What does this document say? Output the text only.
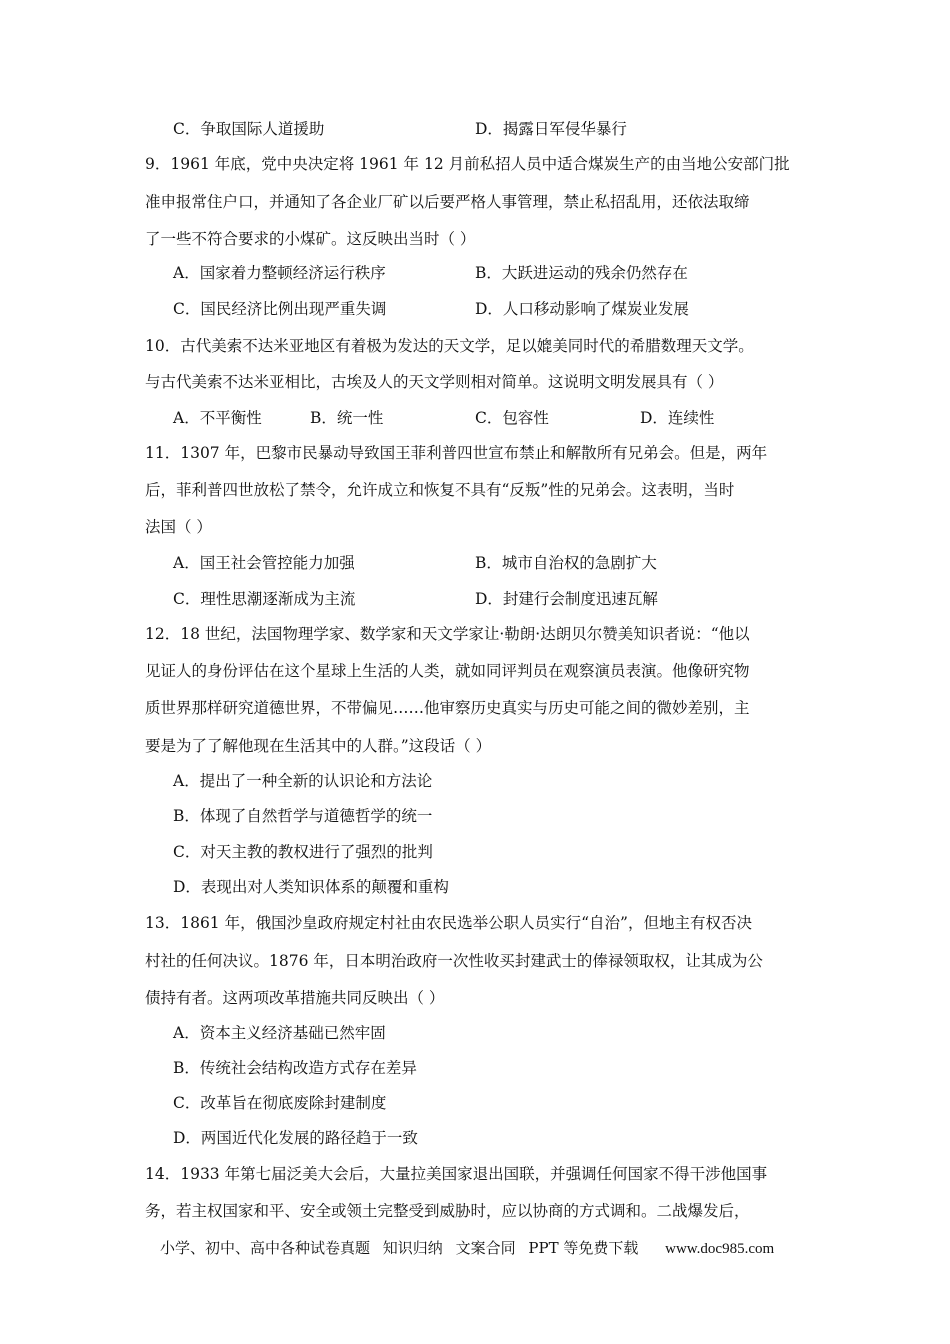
C．争取国际人道援助	D．揭露日军侵华暴行
9．1961 年底，党中央决定将 1961 年 12 月前私招人员中适合煤炭生产的由当地公安部门批
准申报常住户口，并通知了各企业厂矿以后要严格人事管理，禁止私招乱用，还依法取缔
了一些不符合要求的小煤矿。这反映出当时（ ）
A．国家着力整顿经济运行秩序	B．大跃进运动的残余仍然存在
C．国民经济比例出现严重失调	D．人口移动影响了煤炭业发展
10．古代美索不达米亚地区有着极为发达的天文学，足以媲美同时代的希腊数理天文学。
与古代美索不达米亚相比，古埃及人的天文学则相对简单。这说明文明发展具有（ ）
A．不平衡性	B．统一性	C．包容性	D．连续性
11．1307 年，巴黎市民暴动导致国王菲利普四世宣布禁止和解散所有兄弟会。但是，两年
后，菲利普四世放松了禁令，允许成立和恢复不具有“反叛”性的兄弟会。这表明，当时
法国（ ）
A．国王社会管控能力加强	B．城市自治权的急剧扩大
C．理性思潮逐渐成为主流	D．封建行会制度迅速瓦解
12．18 世纪，法国物理学家、数学家和天文学家让·勒朗·达朗贝尔赞美知识者说：“他以
见证人的身份评估在这个星球上生活的人类，就如同评判员在观察演员表演。他像研究物
质世界那样研究道德世界，不带偏见……他审察历史真实与历史可能之间的微妙差别，主
要是为了了解他现在生活其中的人群。”这段话（ ）
A．提出了一种全新的认识论和方法论
B．体现了自然哲学与道德哲学的统一
C．对天主教的教权进行了强烈的批判
D．表现出对人类知识体系的颠覆和重构
13．1861 年，俄国沙皇政府规定村社由农民选举公职人员实行“自治”，但地主有权否决
村社的任何决议。1876 年，日本明治政府一次性收买封建武士的俸禄领取权，让其成为公
债持有者。这两项改革措施共同反映出（ ）
A．资本主义经济基础已然牢固
B．传统社会结构改造方式存在差异
C．改革旨在彻底废除封建制度
D．两国近代化发展的路径趋于一致
14．1933 年第七届泛美大会后，大量拉美国家退出国联，并强调任何国家不得干涉他国事
务，若主权国家和平、安全或领土完整受到威胁时，应以协商的方式调和。二战爆发后，
小学、初中、高中各种试卷真题 知识归纳 文案合同 PPT 等免费下载 www.doc985.com
